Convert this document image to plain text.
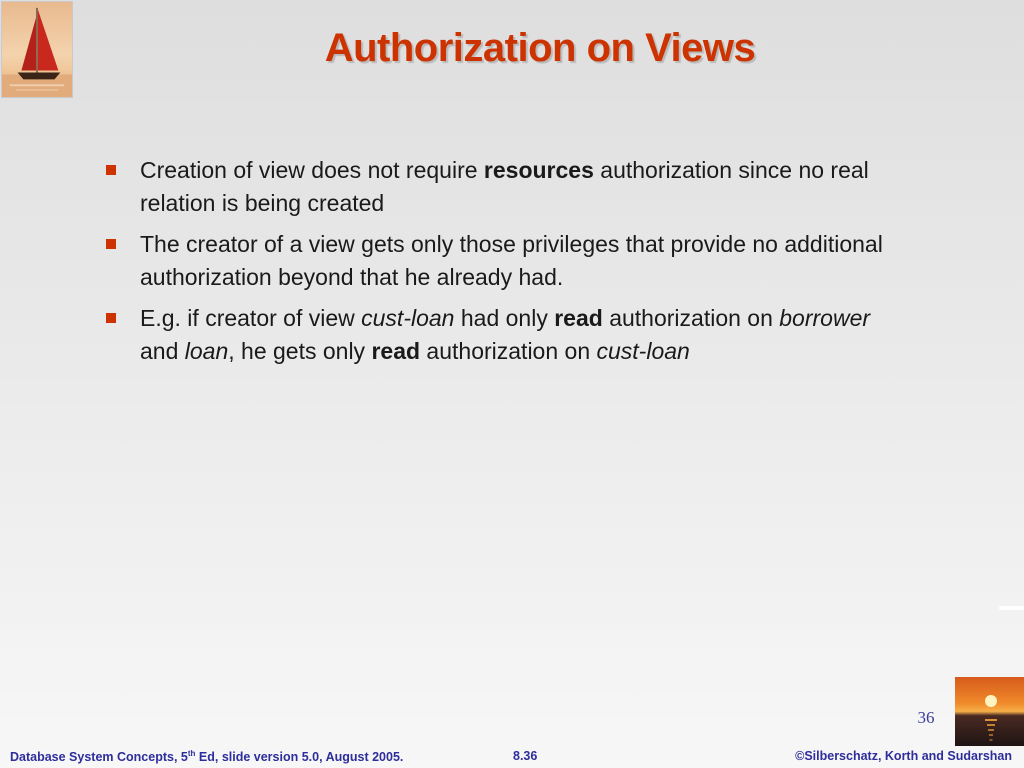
Authorization on Views
Creation of view does not require resources authorization since no real relation is being created
The creator of a view gets only those privileges that provide no additional authorization beyond that he already had.
E.g. if creator of view cust-loan had only read authorization on borrower and loan, he gets only read authorization on cust-loan
36
Database System Concepts, 5th Ed, slide version 5.0, August 2005.	8.36	©Silberschatz, Korth and Sudarshan
